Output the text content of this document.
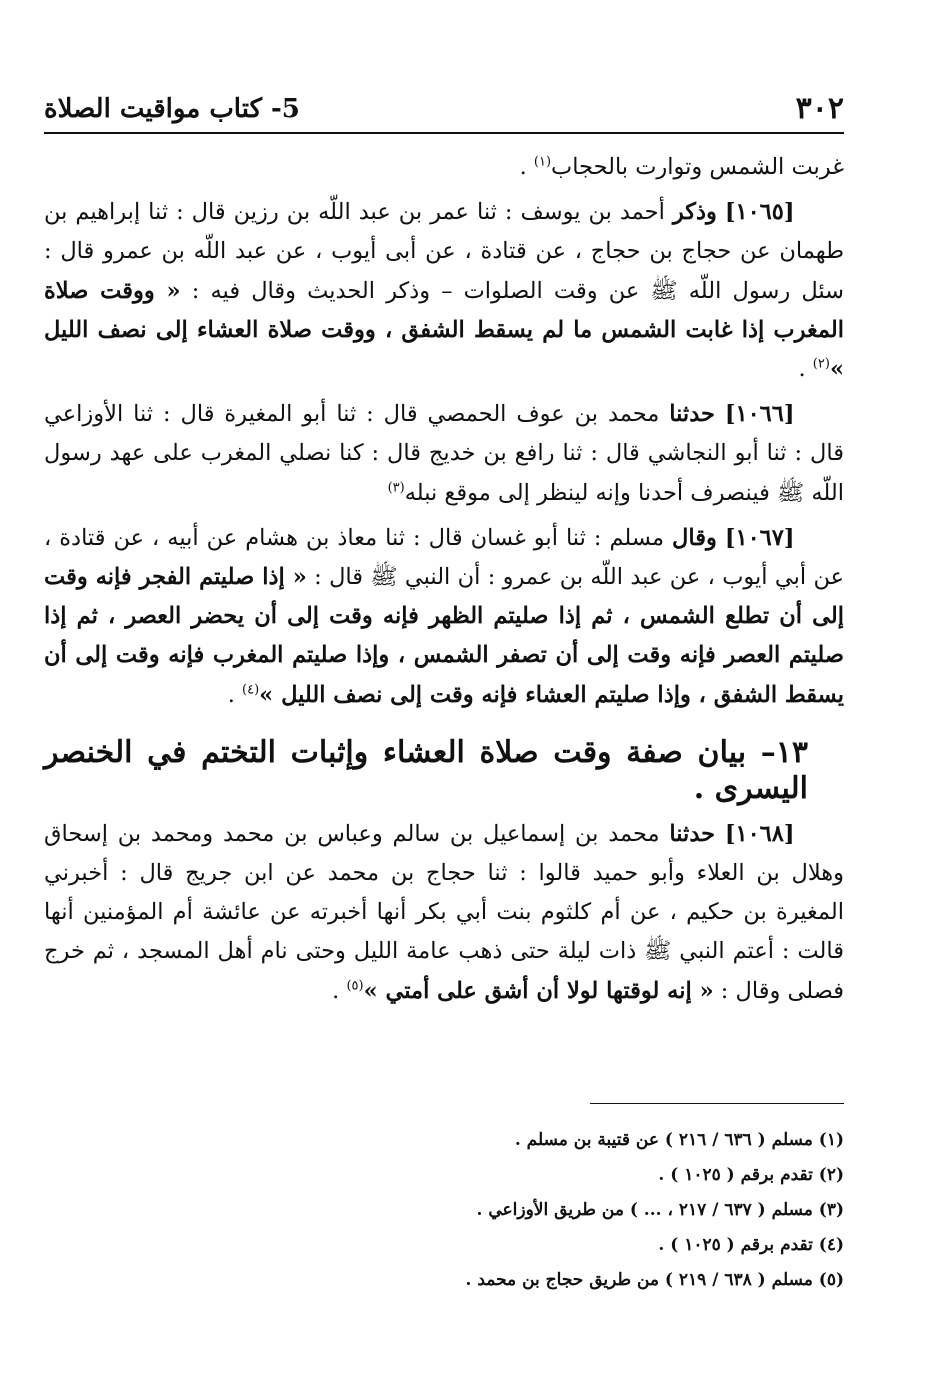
٣٠٢
5- كتاب مواقيت الصلاة

غربت الشمس وتوارت بالحجاب$^{(١)}$ .

[١٠٦٥] وذكر أحمد بن يوسف : ثنا عمر بن عبد اللّه بن رزين قال : ثنا إبراهيم بن طهمان عن حجاج بن حجاج ، عن قتادة ، عن أبى أيوب ، عن عبد اللّه بن عمرو قال : سئل رسول اللّه ﷺ عن وقت الصلوات – وذكر الحديث وقال فيه : « ووقت صلاة المغرب إذا غابت الشمس ما لم يسقط الشفق ، ووقت صلاة العشاء إلى نصف الليل »$^{(٢)}$ .

[١٠٦٦] حدثنا محمد بن عوف الحمصي قال : ثنا أبو المغيرة قال : ثنا الأوزاعي قال : ثنا أبو النجاشي قال : ثنا رافع بن خديج قال : كنا نصلي المغرب على عهد رسول اللّه ﷺ فينصرف أحدنا وإنه لينظر إلى موقع نبله$^{(٣)}$

[١٠٦٧] وقال مسلم : ثنا أبو غسان قال : ثنا معاذ بن هشام عن أبيه ، عن قتادة ، عن أبي أيوب ، عن عبد اللّه بن عمرو : أن النبي ﷺ قال : « إذا صليتم الفجر فإنه وقت إلى أن تطلع الشمس ، ثم إذا صليتم الظهر فإنه وقت إلى أن يحضر العصر ، ثم إذا صليتم العصر فإنه وقت إلى أن تصفر الشمس ، وإذا صليتم المغرب فإنه وقت إلى أن يسقط الشفق ، وإذا صليتم العشاء فإنه وقت إلى نصف الليل »$^{(٤)}$ .

١٣– بيان صفة وقت صلاة العشاء وإثبات التختم في الخنصر اليسرى .

[١٠٦٨] حدثنا محمد بن إسماعيل بن سالم وعباس بن محمد ومحمد بن إسحاق وهلال بن العلاء وأبو حميد قالوا : ثنا حجاج بن محمد عن ابن جريج قال : أخبرني المغيرة بن حكيم ، عن أم كلثوم بنت أبي بكر أنها أخبرته عن عائشة أم المؤمنين أنها قالت : أعتم النبي ﷺ ذات ليلة حتى ذهب عامة الليل وحتى نام أهل المسجد ، ثم خرج فصلى وقال : « إنه لوقتها لولا أن أشق على أمتي »$^{(٥)}$ .

(١) مسلم ( ٦٣٦ / ٢١٦ ) عن قتيبة بن مسلم .
(٢) تقدم برقم ( ١٠٢٥ ) .
(٣) مسلم ( ٦٣٧ / ٢١٧ ، ... ) من طريق الأوزاعي .
(٤) تقدم برقم ( ١٠٢٥ ) .
(٥) مسلم ( ٦٣٨ / ٢١٩ ) من طريق حجاج بن محمد .
